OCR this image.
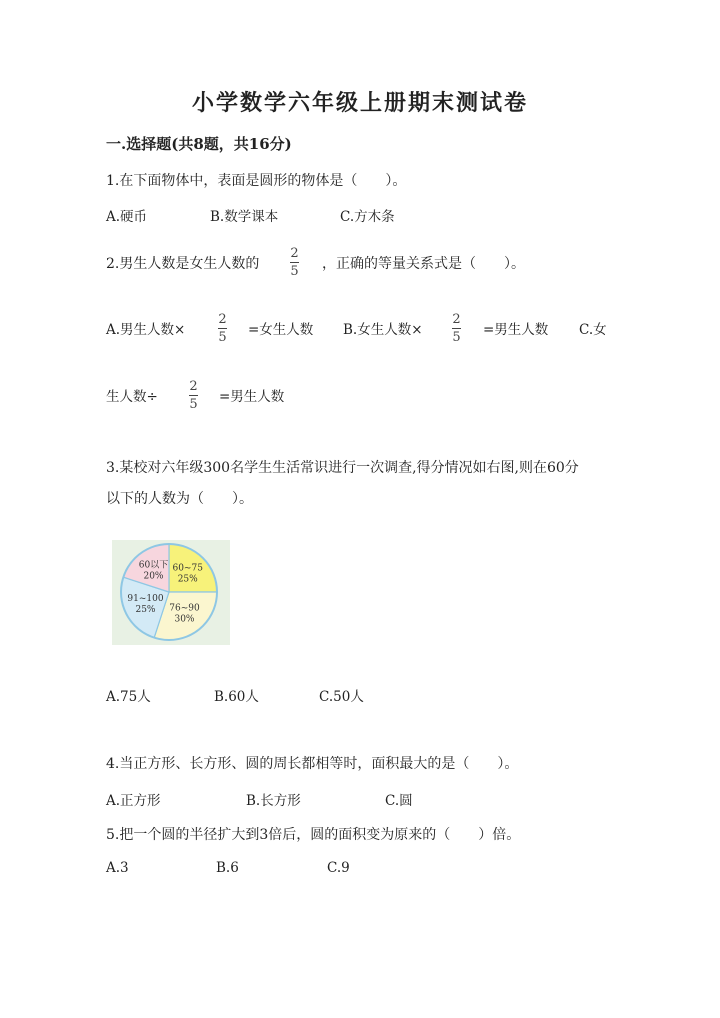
小学数学六年级上册期末测试卷
一.选择题(共8题，共16分)
1.在下面物体中，表面是圆形的物体是（　　）。
A.硬币	B.数学课本	C.方木条
2.男生人数是女生人数的
2
5 ，正确的等量关系式是（　　）。
A.男生人数×
2
5 =女生人数 B.女生人数×
2
5 =男生人数 C.女
生人数÷
2
5 =男生人数
3.某校对六年级300名学生生活常识进行一次调查,得分情况如右图,则在60分
以下的人数为（　　）。
60~75
25%
76~90
30%
91~100
25%
60以下
20%
A.75人	B.60人	C.50人
4.当正方形、长方形、圆的周长都相等时，面积最大的是（　　）。
A.正方形	B.长方形	C.圆
5.把一个圆的半径扩大到3倍后，圆的面积变为原来的（　　）倍。
A.3	B.6	C.9
